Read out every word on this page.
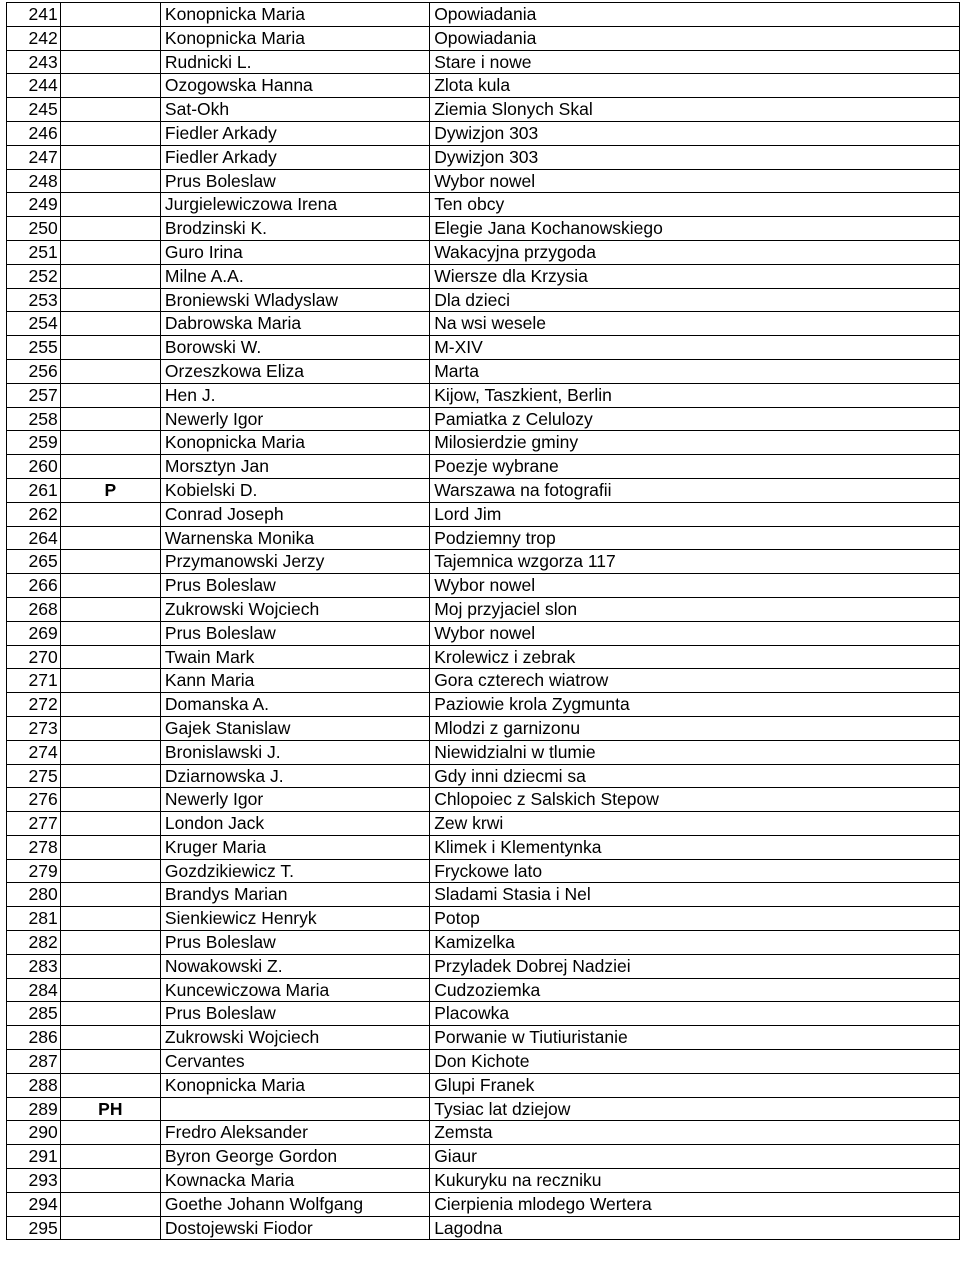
241		Konopnicka Maria	Opowiadania
242		Konopnicka Maria	Opowiadania
243		Rudnicki L.	Stare i nowe
244		Ozogowska Hanna	Zlota kula
245		Sat-Okh	Ziemia Slonych Skal
246		Fiedler Arkady	Dywizjon 303
247		Fiedler Arkady	Dywizjon 303
248		Prus Boleslaw	Wybor nowel
249		Jurgielewiczowa Irena	Ten obcy
250		Brodzinski K.	Elegie Jana Kochanowskiego
251		Guro Irina	Wakacyjna przygoda
252		Milne A.A.	Wiersze dla Krzysia
253		Broniewski Wladyslaw	Dla dzieci
254		Dabrowska Maria	Na wsi wesele
255		Borowski W.	M-XIV
256		Orzeszkowa Eliza	Marta
257		Hen J.	Kijow, Taszkient, Berlin
258		Newerly Igor	Pamiatka z Celulozy
259		Konopnicka Maria	Milosierdzie gminy
260		Morsztyn Jan	Poezje wybrane
261	P	Kobielski D.	Warszawa na fotografii
262		Conrad Joseph	Lord Jim
264		Warnenska Monika	Podziemny trop
265		Przymanowski Jerzy	Tajemnica wzgorza 117
266		Prus Boleslaw	Wybor nowel
268		Zukrowski Wojciech	Moj przyjaciel slon
269		Prus Boleslaw	Wybor nowel
270		Twain Mark	Krolewicz i zebrak
271		Kann Maria	Gora czterech wiatrow
272		Domanska A.	Paziowie krola Zygmunta
273		Gajek Stanislaw	Mlodzi z garnizonu
274		Bronislawski J.	Niewidzialni w tlumie
275		Dziarnowska J.	Gdy inni dziecmi sa
276		Newerly Igor	Chlopoiec z Salskich Stepow
277		London Jack	Zew krwi
278		Kruger Maria	Klimek i Klementynka
279		Gozdzikiewicz T.	Fryckowe lato
280		Brandys Marian	Sladami Stasia i Nel
281		Sienkiewicz Henryk	Potop
282		Prus Boleslaw	Kamizelka
283		Nowakowski Z.	Przyladek Dobrej Nadziei
284		Kuncewiczowa Maria	Cudzoziemka
285		Prus Boleslaw	Placowka
286		Zukrowski Wojciech	Porwanie w Tiutiuristanie
287		Cervantes	Don Kichote
288		Konopnicka Maria	Glupi Franek
289	PH		Tysiac lat dziejow
290		Fredro Aleksander	Zemsta
291		Byron George Gordon	Giaur
293		Kownacka Maria	Kukuryku na reczniku
294		Goethe Johann Wolfgang	Cierpienia mlodego Wertera
295		Dostojewski Fiodor	Lagodna
